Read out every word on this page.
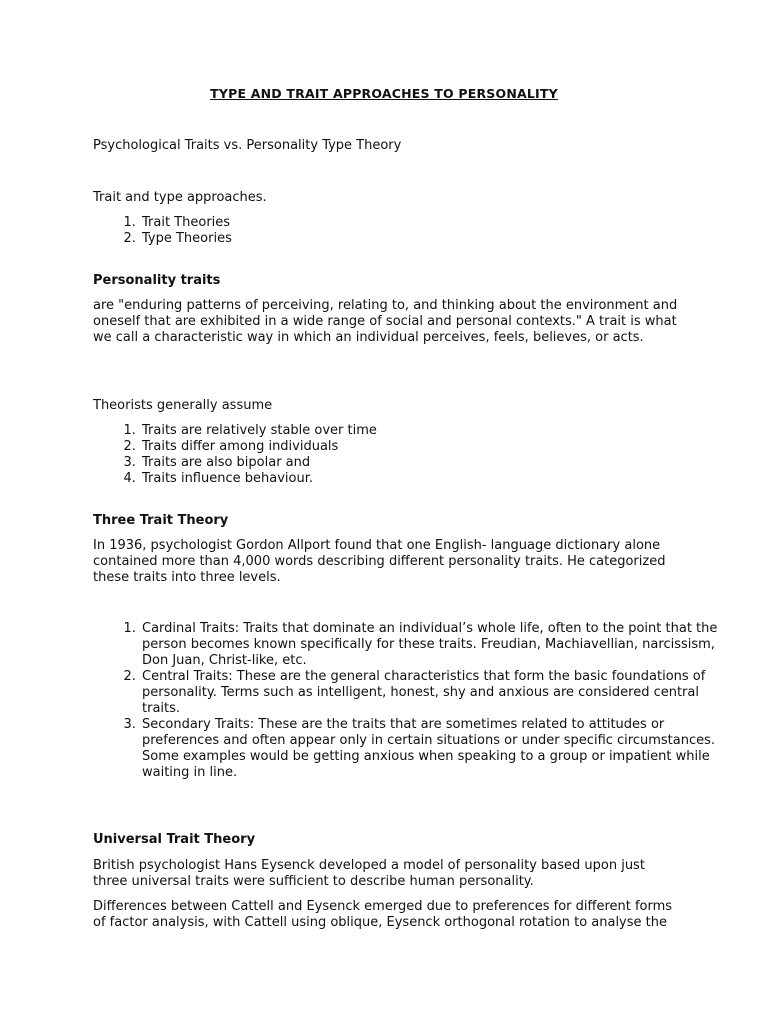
TYPE AND TRAIT APPROACHES TO PERSONALITY

Psychological Traits vs. Personality Type Theory

Trait and type approaches.

1. Trait Theories
2. Type Theories
Personality traits

are "enduring patterns of perceiving, relating to, and thinking about the environment and oneself that are exhibited in a wide range of social and personal contexts." A trait is what we call a characteristic way in which an individual perceives, feels, believes, or acts.

Theorists generally assume

1. Traits are relatively stable over time
2. Traits differ among individuals
3. Traits are also bipolar and
4. Traits influence behaviour.
Three Trait Theory

In 1936, psychologist Gordon Allport found that one English- language dictionary alone contained more than 4,000 words describing different personality traits. He categorized these traits into three levels.

1. Cardinal Traits: Traits that dominate an individual’s whole life, often to the point that the person becomes known specifically for these traits. Freudian, Machiavellian, narcissism, Don Juan, Christ-like, etc.
2. Central Traits: These are the general characteristics that form the basic foundations of personality. Terms such as intelligent, honest, shy and anxious are considered central traits.
3. Secondary Traits: These are the traits that are sometimes related to attitudes or preferences and often appear only in certain situations or under specific circumstances. Some examples would be getting anxious when speaking to a group or impatient while waiting in line.
Universal Trait Theory

British psychologist Hans Eysenck developed a model of personality based upon just three universal traits were sufficient to describe human personality.

Differences between Cattell and Eysenck emerged due to preferences for different forms of factor analysis, with Cattell using oblique, Eysenck orthogonal rotation to analyse the
